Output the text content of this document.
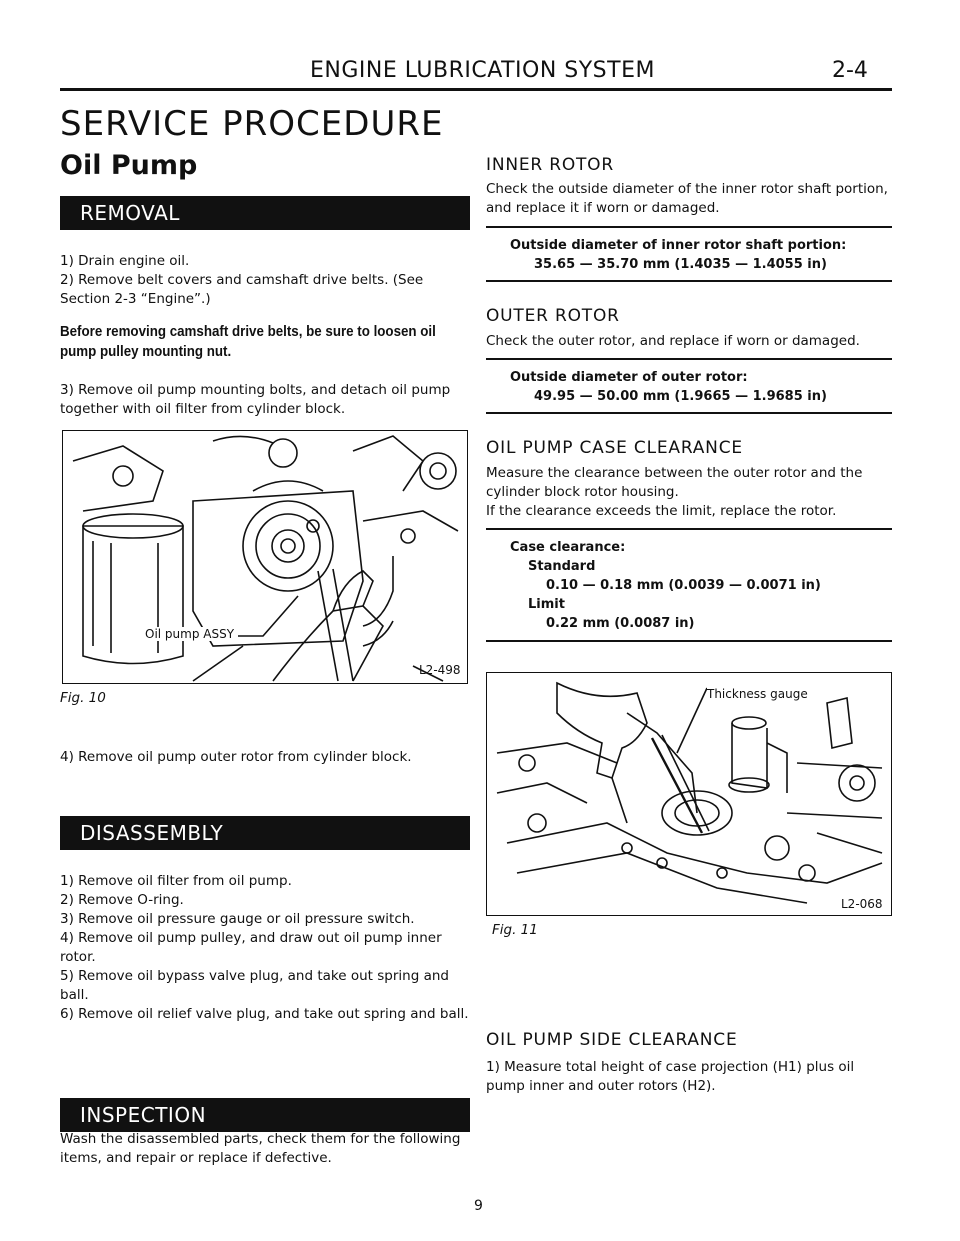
ENGINE LUBRICATION SYSTEM	2-4
SERVICE PROCEDURE
Oil Pump
REMOVAL
1) Drain engine oil.
2) Remove belt covers and camshaft drive belts. (See Section 2-3 “Engine”.)
Before removing camshaft drive belts, be sure to loosen oil pump pulley mounting nut.
3) Remove oil pump mounting bolts, and detach oil pump together with oil filter from cylinder block.
Oil pump ASSY
L2-498
Fig. 10
4) Remove oil pump outer rotor from cylinder block.
DISASSEMBLY
1) Remove oil filter from oil pump.
2) Remove O-ring.
3) Remove oil pressure gauge or oil pressure switch.
4) Remove oil pump pulley, and draw out oil pump inner rotor.
5) Remove oil bypass valve plug, and take out spring and ball.
6) Remove oil relief valve plug, and take out spring and ball.
INSPECTION
Wash the disassembled parts, check them for the following items, and repair or replace if defective.
INNER ROTOR
Check the outside diameter of the inner rotor shaft portion, and replace it if worn or damaged.
Outside diameter of inner rotor shaft portion:
35.65 — 35.70 mm (1.4035 — 1.4055 in)
OUTER ROTOR
Check the outer rotor, and replace if worn or damaged.
Outside diameter of outer rotor:
49.95 — 50.00 mm (1.9665 — 1.9685 in)
OIL PUMP CASE CLEARANCE
Measure the clearance between the outer rotor and the cylinder block rotor housing.
If the clearance exceeds the limit, replace the rotor.
Case clearance:
Standard
0.10 — 0.18 mm (0.0039 — 0.0071 in)
Limit
0.22 mm (0.0087 in)
Thickness gauge
L2-068
Fig. 11
OIL PUMP SIDE CLEARANCE
1) Measure total height of case projection (H1) plus oil pump inner and outer rotors (H2).
9
